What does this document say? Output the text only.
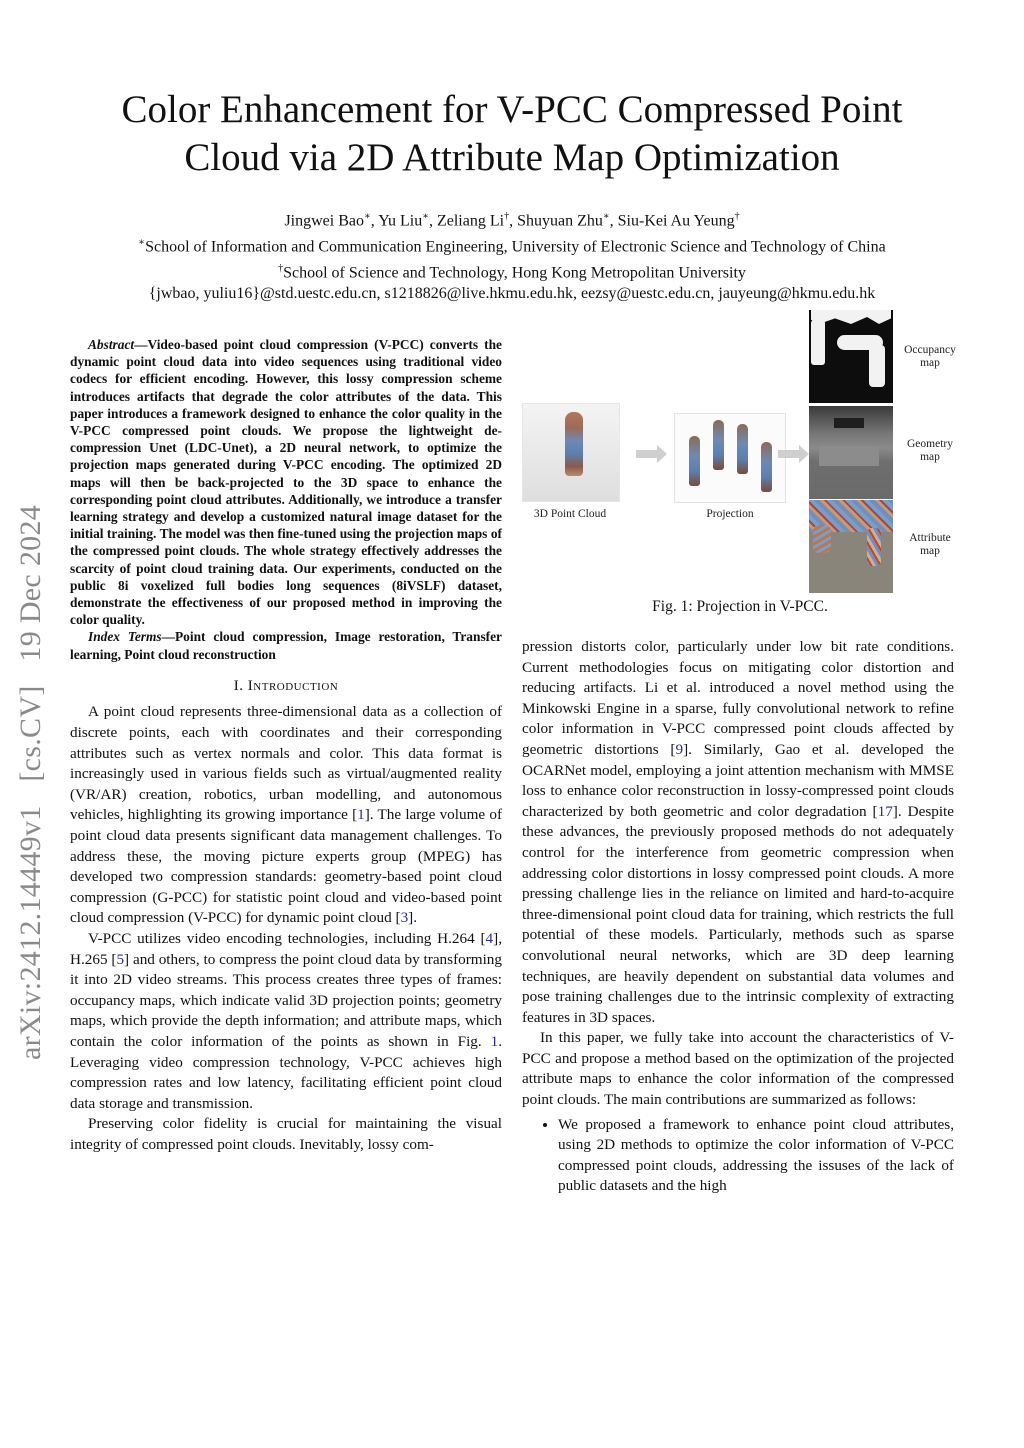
arXiv:2412.14449v1 [cs.CV] 19 Dec 2024
Color Enhancement for V-PCC Compressed Point
Cloud via 2D Attribute Map Optimization
Jingwei Bao∗, Yu Liu∗, Zeliang Li†, Shuyuan Zhu∗, Siu-Kei Au Yeung†
∗School of Information and Communication Engineering, University of Electronic Science and Technology of China
†School of Science and Technology, Hong Kong Metropolitan University
{jwbao, yuliu16}@std.uestc.edu.cn, s1218826@live.hkmu.edu.hk, eezsy@uestc.edu.cn, jauyeung@hkmu.edu.hk

Abstract—Video-based point cloud compression (V-PCC) converts the dynamic point cloud data into video sequences using traditional video codecs for efficient encoding. However, this lossy compression scheme introduces artifacts that degrade the color attributes of the data. This paper introduces a framework designed to enhance the color quality in the V-PCC compressed point clouds. We propose the lightweight de-compression Unet (LDC-Unet), a 2D neural network, to optimize the projection maps generated during V-PCC encoding. The optimized 2D maps will then be back-projected to the 3D space to enhance the corresponding point cloud attributes. Additionally, we introduce a transfer learning strategy and develop a customized natural image dataset for the initial training. The model was then fine-tuned using the projection maps of the compressed point clouds. The whole strategy effectively addresses the scarcity of point cloud training data. Our experiments, conducted on the public 8i voxelized full bodies long sequences (8iVSLF) dataset, demonstrate the effectiveness of our proposed method in improving the color quality.

Index Terms—Point cloud compression, Image restoration, Transfer learning, Point cloud reconstruction

I. Introduction

A point cloud represents three-dimensional data as a collection of discrete points, each with coordinates and their corresponding attributes such as vertex normals and color. This data format is increasingly used in various fields such as virtual/augmented reality (VR/AR) creation, robotics, urban modelling, and autonomous vehicles, highlighting its growing importance [1]. The large volume of point cloud data presents significant data management challenges. To address these, the moving picture experts group (MPEG) has developed two compression standards: geometry-based point cloud compression (G-PCC) for statistic point cloud and video-based point cloud compression (V-PCC) for dynamic point cloud [3].

V-PCC utilizes video encoding technologies, including H.264 [4], H.265 [5] and others, to compress the point cloud data by transforming it into 2D video streams. This process creates three types of frames: occupancy maps, which indicate valid 3D projection points; geometry maps, which provide the depth information; and attribute maps, which contain the color information of the points as shown in Fig. 1. Leveraging video compression technology, V-PCC achieves high compression rates and low latency, facilitating efficient point cloud data storage and transmission.

Preserving color fidelity is crucial for maintaining the visual integrity of compressed point clouds. Inevitably, lossy com-

3D Point Cloud	Projection
Occupancy
map
Geometry
map
Attribute
map
Fig. 1: Projection in V-PCC.

pression distorts color, particularly under low bit rate conditions. Current methodologies focus on mitigating color distortion and reducing artifacts. Li et al. introduced a novel method using the Minkowski Engine in a sparse, fully convolutional network to refine color information in V-PCC compressed point clouds affected by geometric distortions [9]. Similarly, Gao et al. developed the OCARNet model, employing a joint attention mechanism with MMSE loss to enhance color reconstruction in lossy-compressed point clouds characterized by both geometric and color degradation [17]. Despite these advances, the previously proposed methods do not adequately control for the interference from geometric compression when addressing color distortions in lossy compressed point clouds. A more pressing challenge lies in the reliance on limited and hard-to-acquire three-dimensional point cloud data for training, which restricts the full potential of these models. Particularly, methods such as sparse convolutional neural networks, which are 3D deep learning techniques, are heavily dependent on substantial data volumes and pose training challenges due to the intrinsic complexity of extracting features in 3D spaces.

In this paper, we fully take into account the characteristics of V-PCC and propose a method based on the optimization of the projected attribute maps to enhance the color information of the compressed point clouds. The main contributions are summarized as follows:

• We proposed a framework to enhance point cloud attributes, using 2D methods to optimize the color information of V-PCC compressed point clouds, addressing the issuses of the lack of public datasets and the high
